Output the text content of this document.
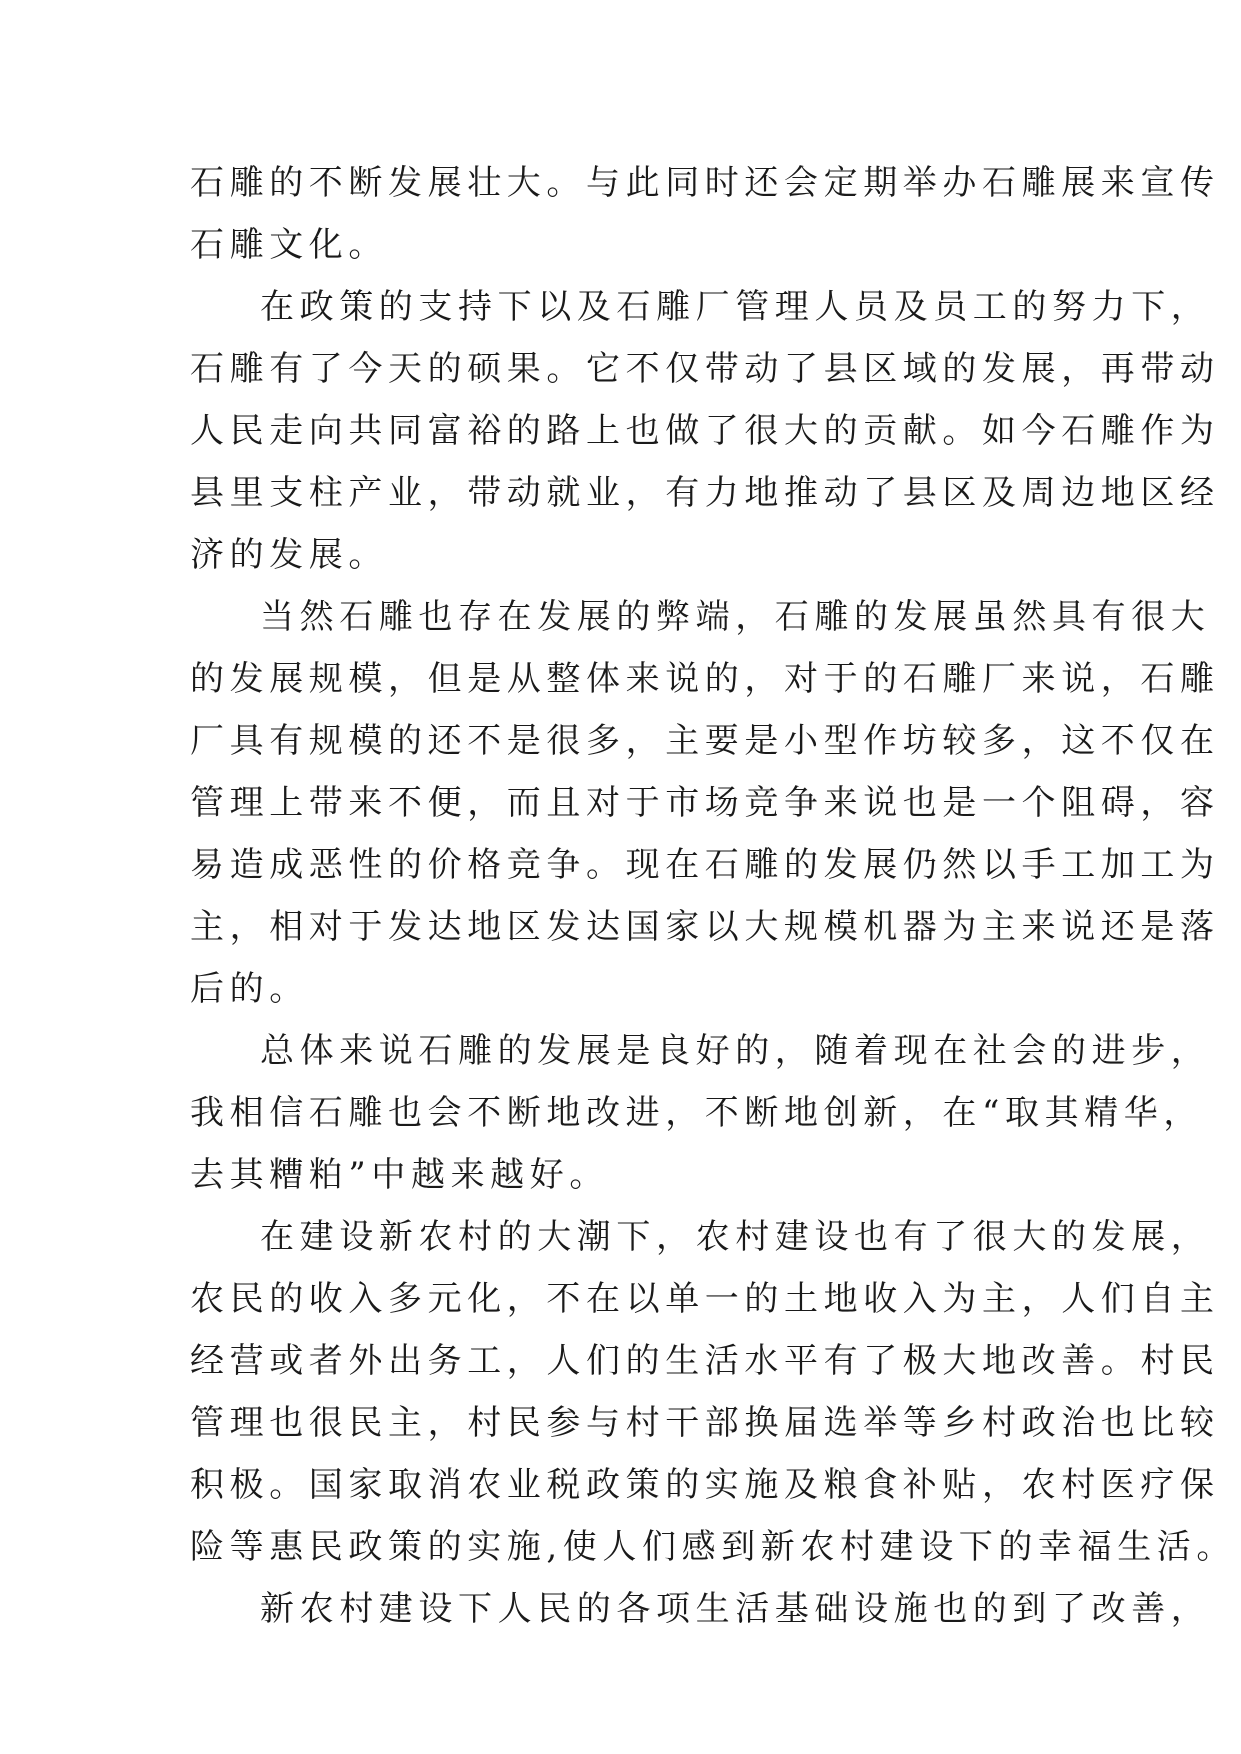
石雕的不断发展壮大。与此同时还会定期举办石雕展来宣传
石雕文化。
在政策的支持下以及石雕厂管理人员及员工的努力下，
石雕有了今天的硕果。它不仅带动了县区域的发展，再带动
人民走向共同富裕的路上也做了很大的贡献。如今石雕作为
县里支柱产业，带动就业，有力地推动了县区及周边地区经
济的发展。
当然石雕也存在发展的弊端，石雕的发展虽然具有很大
的发展规模，但是从整体来说的，对于的石雕厂来说，石雕
厂具有规模的还不是很多，主要是小型作坊较多，这不仅在
管理上带来不便，而且对于市场竞争来说也是一个阻碍，容
易造成恶性的价格竞争。现在石雕的发展仍然以手工加工为
主，相对于发达地区发达国家以大规模机器为主来说还是落
后的。
总体来说石雕的发展是良好的，随着现在社会的进步，
我相信石雕也会不断地改进，不断地创新，在“取其精华，
去其糟粕”中越来越好。
在建设新农村的大潮下，农村建设也有了很大的发展，
农民的收入多元化，不在以单一的土地收入为主，人们自主
经营或者外出务工，人们的生活水平有了极大地改善。村民
管理也很民主，村民参与村干部换届选举等乡村政治也比较
积极。国家取消农业税政策的实施及粮食补贴，农村医疗保
险等惠民政策的实施,使人们感到新农村建设下的幸福生活。
新农村建设下人民的各项生活基础设施也的到了改善，
